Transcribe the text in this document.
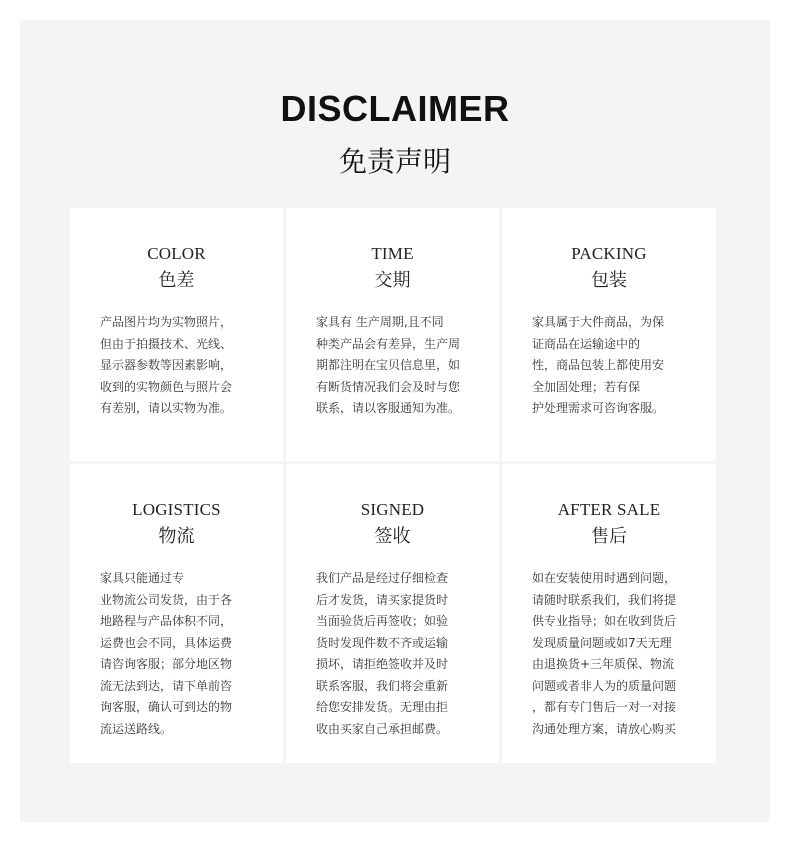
DISCLAIMER
免责声明
COLOR
色差
产品图片均为实物照片，
但由于拍摄技术、光线、
显示器参数等因素影响，
收到的实物颜色与照片会
有差别，请以实物为准。
TIME
交期
家具有 生产周期,且不同
种类产品会有差异，生产周
期都注明在宝贝信息里，如
有断货情况我们会及时与您
联系，请以客服通知为准。
PACKING
包装
家具属于大件商品，为保
证商品在运输途中的
性，商品包装上都使用安
全加固处理；若有保
护处理需求可咨询客服。
LOGISTICS
物流
家具只能通过专
业物流公司发货，由于各
地路程与产品体积不同，
运费也会不同，具体运费
请咨询客服；部分地区物
流无法到达，请下单前咨
询客服，确认可到达的物
流运送路线。
SIGNED
签收
我们产品是经过仔细检查
后才发货，请买家提货时
当面验货后再签收；如验
货时发现件数不齐或运输
损坏，请拒绝签收并及时
联系客服，我们将会重新
给您安排发货。无理由拒
收由买家自己承担邮费。
AFTER SALE
售后
如在安装使用时遇到问题，
请随时联系我们，我们将提
供专业指导；如在收到货后
发现质量问题或如7天无理
由退换货+三年质保、物流
问题或者非人为的质量问题
，都有专门售后一对一对接
沟通处理方案，请放心购买
